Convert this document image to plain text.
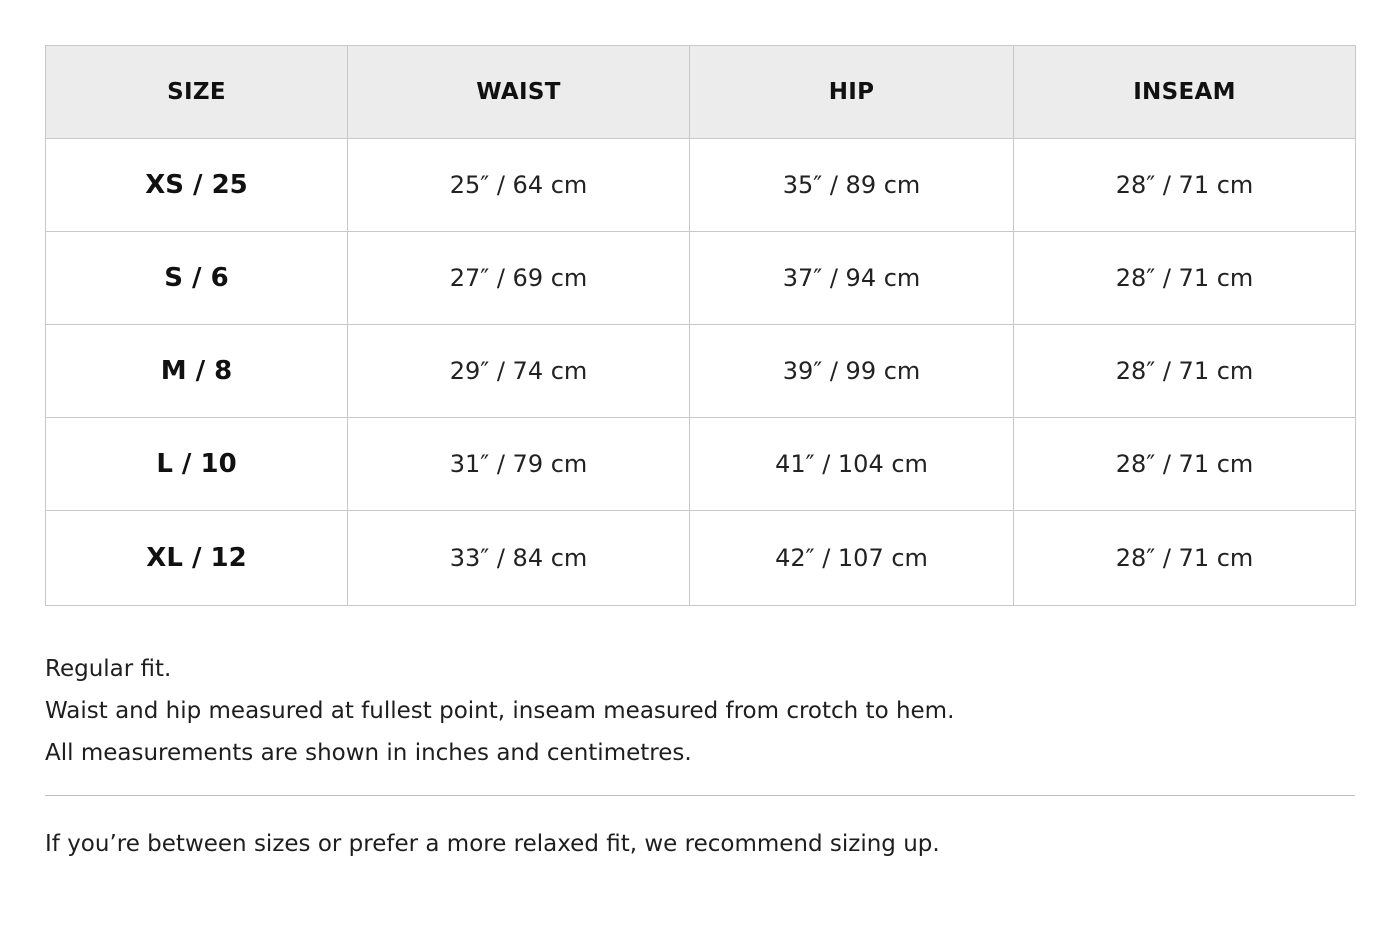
SIZE	WAIST	HIP	INSEAM
XS / 25	25″ / 64 cm	35″ / 89 cm	28″ / 71 cm
S / 6	27″ / 69 cm	37″ / 94 cm	28″ / 71 cm
M / 8	29″ / 74 cm	39″ / 99 cm	28″ / 71 cm
L / 10	31″ / 79 cm	41″ / 104 cm	28″ / 71 cm
XL / 12	33″ / 84 cm	42″ / 107 cm	28″ / 71 cm

Regular fit.

Waist and hip measured at fullest point, inseam measured from crotch to hem.

All measurements are shown in inches and centimetres.

If you’re between sizes or prefer a more relaxed fit, we recommend sizing up.
